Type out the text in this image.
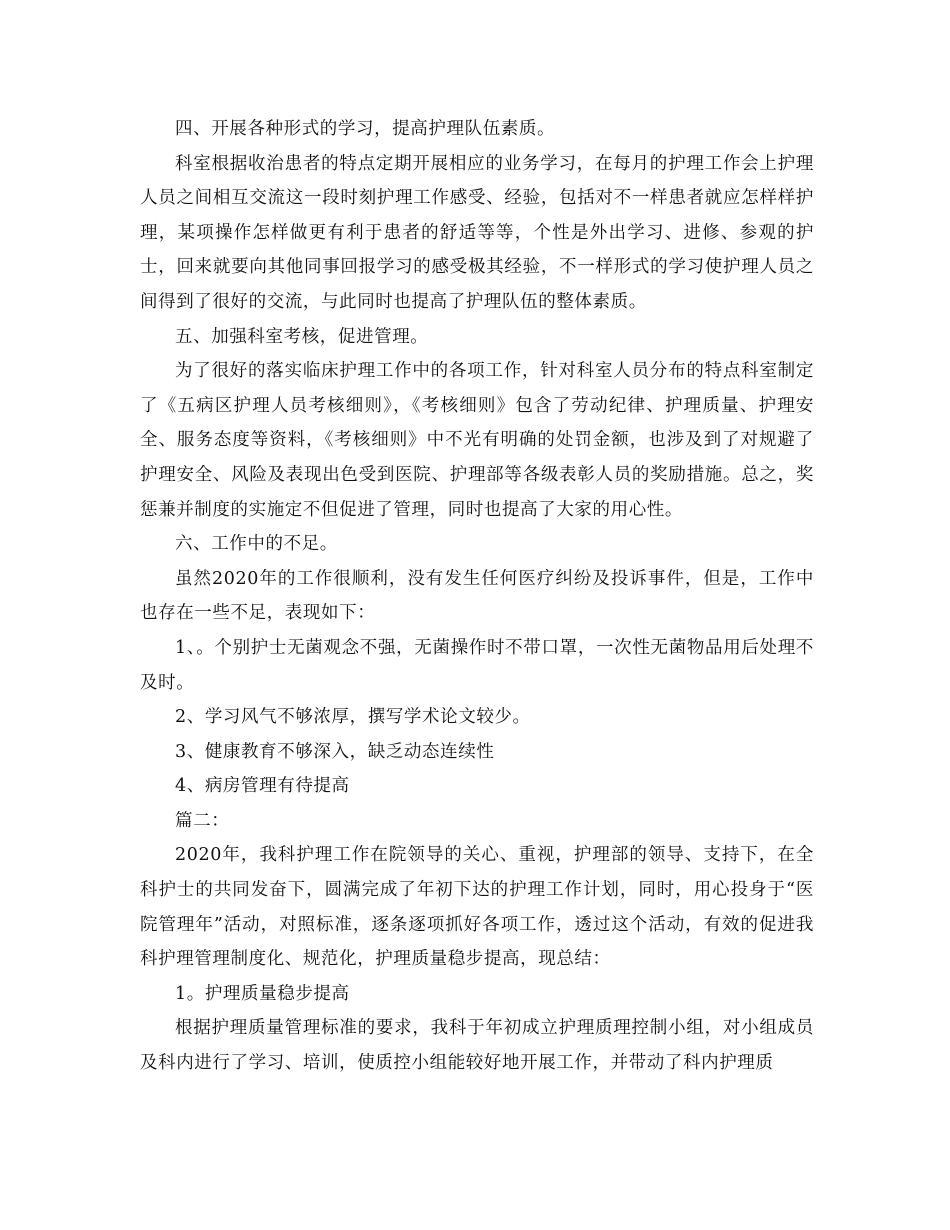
四、开展各种形式的学习，提高护理队伍素质。

科室根据收治患者的特点定期开展相应的业务学习，在每月的护理工作会上护理人员之间相互交流这一段时刻护理工作感受、经验，包括对不一样患者就应怎样样护理，某项操作怎样做更有利于患者的舒适等等，个性是外出学习、进修、参观的护士，回来就要向其他同事回报学习的感受极其经验，不一样形式的学习使护理人员之间得到了很好的交流，与此同时也提高了护理队伍的整体素质。

五、加强科室考核，促进管理。

为了很好的落实临床护理工作中的各项工作，针对科室人员分布的特点科室制定了《五病区护理人员考核细则》，《考核细则》包含了劳动纪律、护理质量、护理安全、服务态度等资料，《考核细则》中不光有明确的处罚金额，也涉及到了对规避了护理安全、风险及表现出色受到医院、护理部等各级表彰人员的奖励措施。总之，奖惩兼并制度的实施定不但促进了管理，同时也提高了大家的用心性。

六、工作中的不足。

虽然2020年的工作很顺利，没有发生任何医疗纠纷及投诉事件，但是，工作中也存在一些不足，表现如下：

1、。个别护士无菌观念不强，无菌操作时不带口罩，一次性无菌物品用后处理不及时。

2、学习风气不够浓厚，撰写学术论文较少。

3、健康教育不够深入，缺乏动态连续性

4、病房管理有待提高

篇二：

2020年，我科护理工作在院领导的关心、重视，护理部的领导、支持下，在全科护士的共同发奋下，圆满完成了年初下达的护理工作计划，同时，用心投身于“医院管理年”活动，对照标准，逐条逐项抓好各项工作，透过这个活动，有效的促进我科护理管理制度化、规范化，护理质量稳步提高，现总结：

1。护理质量稳步提高

根据护理质量管理标准的要求，我科于年初成立护理质理控制小组，对小组成员及科内进行了学习、培训，使质控小组能较好地开展工作，并带动了科内护理质
